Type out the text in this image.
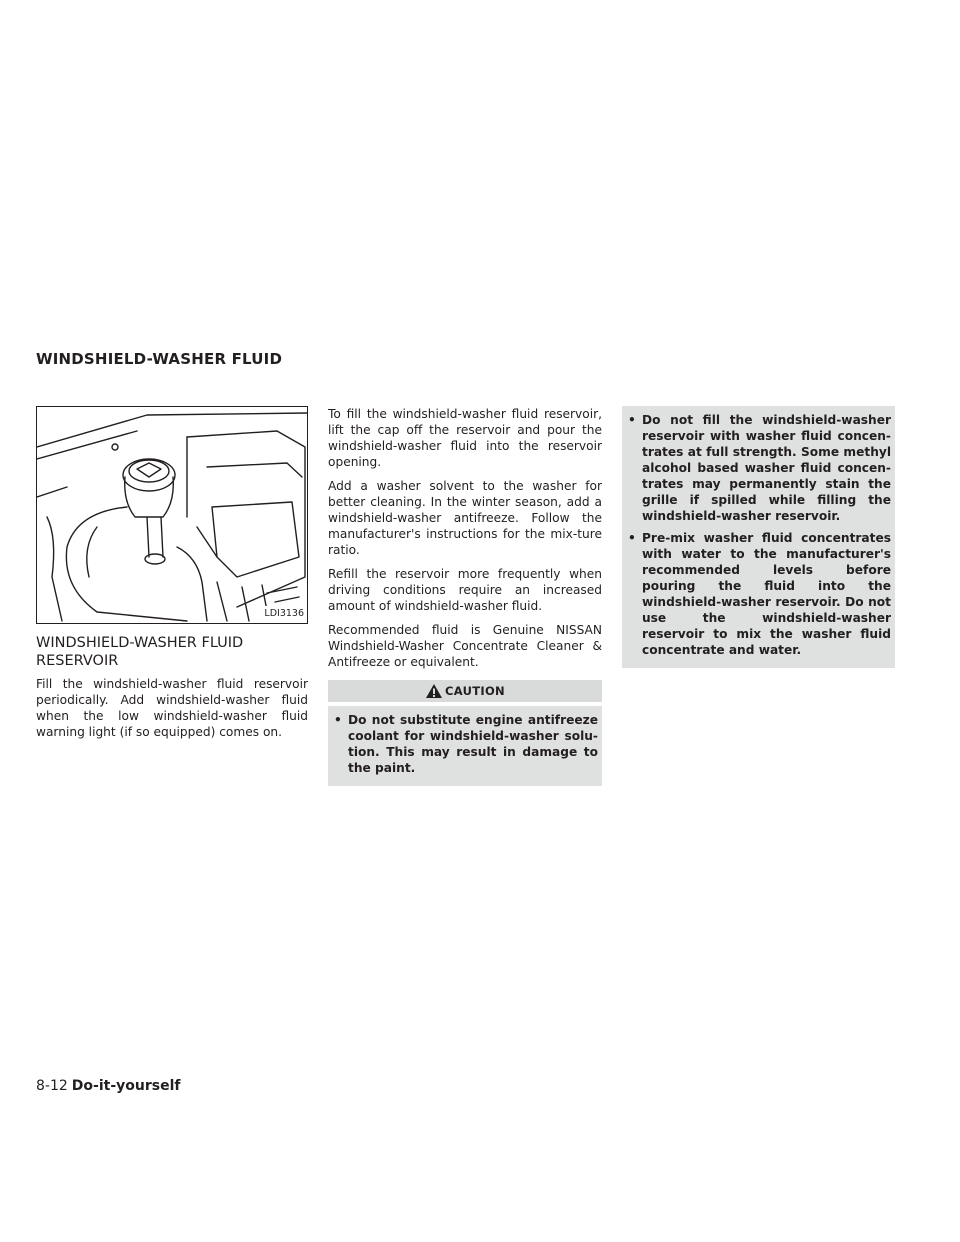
WINDSHIELD-WASHER FLUID
LDI3136
WINDSHIELD-WASHER FLUID
RESERVOIR

Fill the windshield-washer fluid reservoir periodically. Add windshield-washer fluid when the low windshield-washer fluid warning light (if so equipped) comes on.

To fill the windshield-washer fluid reservoir, lift the cap off the reservoir and pour the windshield-washer fluid into the reservoir opening.

Add a washer solvent to the washer for better cleaning. In the winter season, add a windshield-washer antifreeze. Follow the manufacturer's instructions for the mix-ture ratio.

Refill the reservoir more frequently when driving conditions require an increased amount of windshield-washer fluid.

Recommended fluid is Genuine NISSAN Windshield-Washer Concentrate Cleaner & Antifreeze or equivalent.

CAUTION
• Do not substitute engine antifreeze coolant for windshield-washer solu-tion. This may result in damage to the paint.
• Do not fill the windshield-washer reservoir with washer fluid concen-trates at full strength. Some methyl alcohol based washer fluid concen-trates may permanently stain the grille if spilled while filling the windshield-washer reservoir.
• Pre-mix washer fluid concentrates with water to the manufacturer's recommended levels before pouring the fluid into the windshield-washer reservoir. Do not use the windshield-washer reservoir to mix the washer fluid concentrate and water.
8-12 Do-it-yourself
